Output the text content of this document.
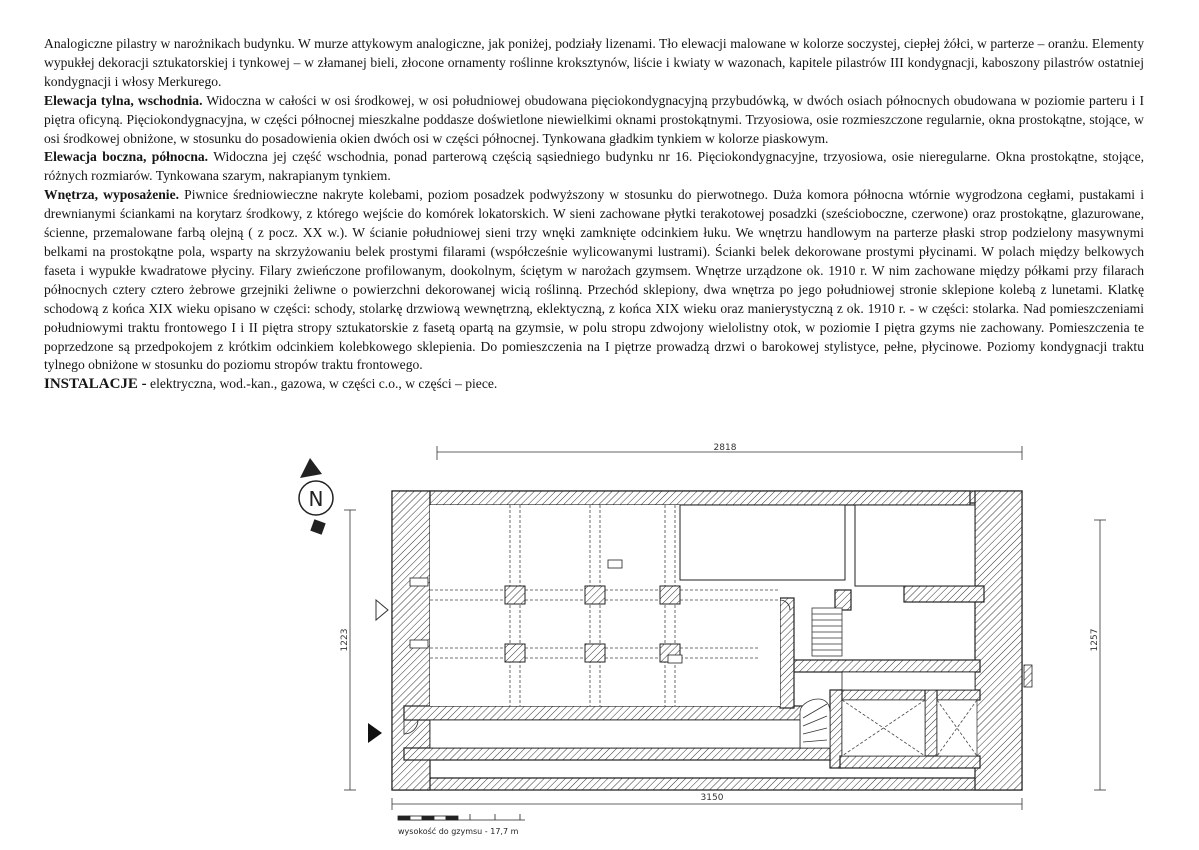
Analogiczne pilastry w narożnikach budynku. W murze attykowym analogiczne, jak poniżej, podziały lizenami. Tło elewacji malowane w kolorze soczystej, ciepłej żółci, w parterze – oranżu. Elementy wypukłej dekoracji sztukatorskiej i tynkowej – w złamanej bieli, złocone ornamenty roślinne kroksztynów, liście i kwiaty w wazonach, kapitele pilastrów III kondygnacji, kaboszony pilastrów ostatniej kondygnacji i włosy Merkurego.

Elewacja tylna, wschodnia. Widoczna w całości w osi środkowej, w osi południowej obudowana pięciokondygnacyjną przybudówką, w dwóch osiach północnych obudowana w poziomie parteru i I piętra oficyną. Pięciokondygnacyjna, w części północnej mieszkalne poddasze doświetlone niewielkimi oknami prostokątnymi. Trzyosiowa, osie rozmieszczone regularnie, okna prostokątne, stojące, w osi środkowej obniżone, w stosunku do posadowienia okien dwóch osi w części północnej. Tynkowana gładkim tynkiem w kolorze piaskowym.

Elewacja boczna, północna. Widoczna jej część wschodnia, ponad parterową częścią sąsiedniego budynku nr 16. Pięciokondygnacyjne, trzyosiowa, osie nieregularne. Okna prostokątne, stojące, różnych rozmiarów. Tynkowana szarym, nakrapianym tynkiem.

Wnętrza, wyposażenie. Piwnice średniowieczne nakryte kolebami, poziom posadzek podwyższony w stosunku do pierwotnego. Duża komora północna wtórnie wygrodzona cegłami, pustakami i drewnianymi ściankami na korytarz środkowy, z którego wejście do komórek lokatorskich. W sieni zachowane płytki terakotowej posadzki (sześcioboczne, czerwone) oraz prostokątne, glazurowane, ścienne, przemalowane farbą olejną ( z pocz. XX w.). W ścianie południowej sieni trzy wnęki zamknięte odcinkiem łuku. We wnętrzu handlowym na parterze płaski strop podzielony masywnymi belkami na prostokątne pola, wsparty na skrzyżowaniu belek prostymi filarami (współcześnie wylicowanymi lustrami). Ścianki belek dekorowane prostymi płycinami. W polach między belkowych faseta i wypukłe kwadratowe płyciny. Filary zwieńczone profilowanym, dookolnym, ściętym w narożach gzymsem. Wnętrze urządzone ok. 1910 r. W nim zachowane między półkami przy filarach północnych cztery cztero żebrowe grzejniki żeliwne o powierzchni dekorowanej wicią roślinną. Przechód sklepiony, dwa wnętrza po jego południowej stronie sklepione kolebą z lunetami. Klatkę schodową z końca XIX wieku opisano w części: schody, stolarkę drzwiową wewnętrzną, eklektyczną, z końca XIX wieku oraz manierystyczną z ok. 1910 r. - w części: stolarka. Nad pomieszczeniami południowymi traktu frontowego I i II piętra stropy sztukatorskie z fasetą opartą na gzymsie, w polu stropu zdwojony wielolistny otok, w poziomie I piętra gzyms nie zachowany. Pomieszczenia te poprzedzone są przedpokojem z krótkim odcinkiem kolebkowego sklepienia. Do pomieszczenia na I piętrze prowadzą drzwi o barokowej stylistyce, pełne, płycinowe. Poziomy kondygnacji traktu tylnego obniżone w stosunku do poziomu stropów traktu frontowego.

INSTALACJE - elektryczna, wod.-kan., gazowa, w części c.o., w części – piece.

N
2818
1223	1257
3150
wysokość do gzymsu - 17,7 m
